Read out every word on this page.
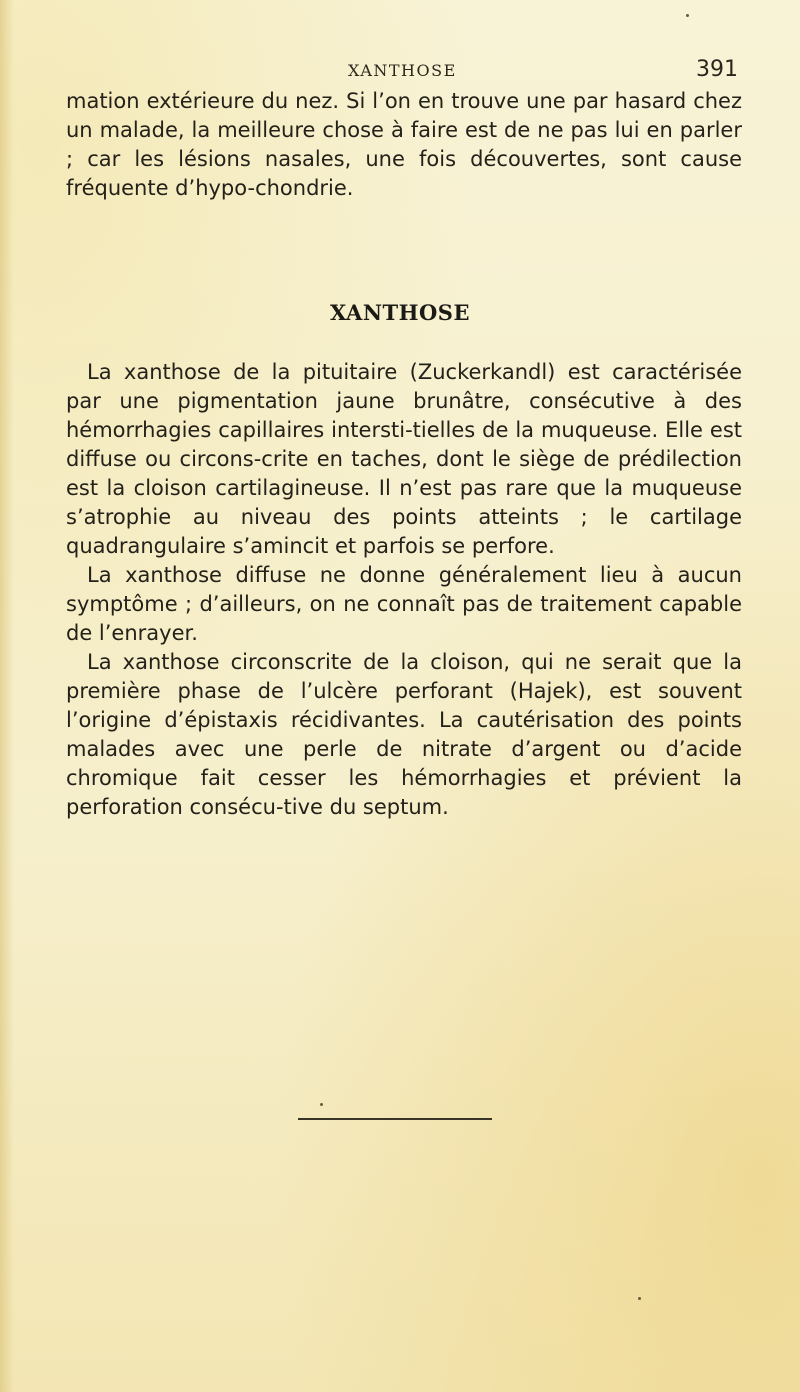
XANTHOSE	391

mation extérieure du nez. Si l’on en trouve une par hasard chez un malade, la meilleure chose à faire est de ne pas lui en parler ; car les lésions nasales, une fois découvertes, sont cause fréquente d’hypo-chondrie.

XANTHOSE

La xanthose de la pituitaire (Zuckerkandl) est caractérisée par une pigmentation jaune brunâtre, consécutive à des hémorrhagies capillaires intersti-tielles de la muqueuse. Elle est diffuse ou circons-crite en taches, dont le siège de prédilection est la cloison cartilagineuse. Il n’est pas rare que la muqueuse s’atrophie au niveau des points atteints ; le cartilage quadrangulaire s’amincit et parfois se perfore.

La xanthose diffuse ne donne généralement lieu à aucun symptôme ; d’ailleurs, on ne connaît pas de traitement capable de l’enrayer.

La xanthose circonscrite de la cloison, qui ne serait que la première phase de l’ulcère perforant (Hajek), est souvent l’origine d’épistaxis récidivantes. La cautérisation des points malades avec une perle de nitrate d’argent ou d’acide chromique fait cesser les hémorrhagies et prévient la perforation consécu-tive du septum.
